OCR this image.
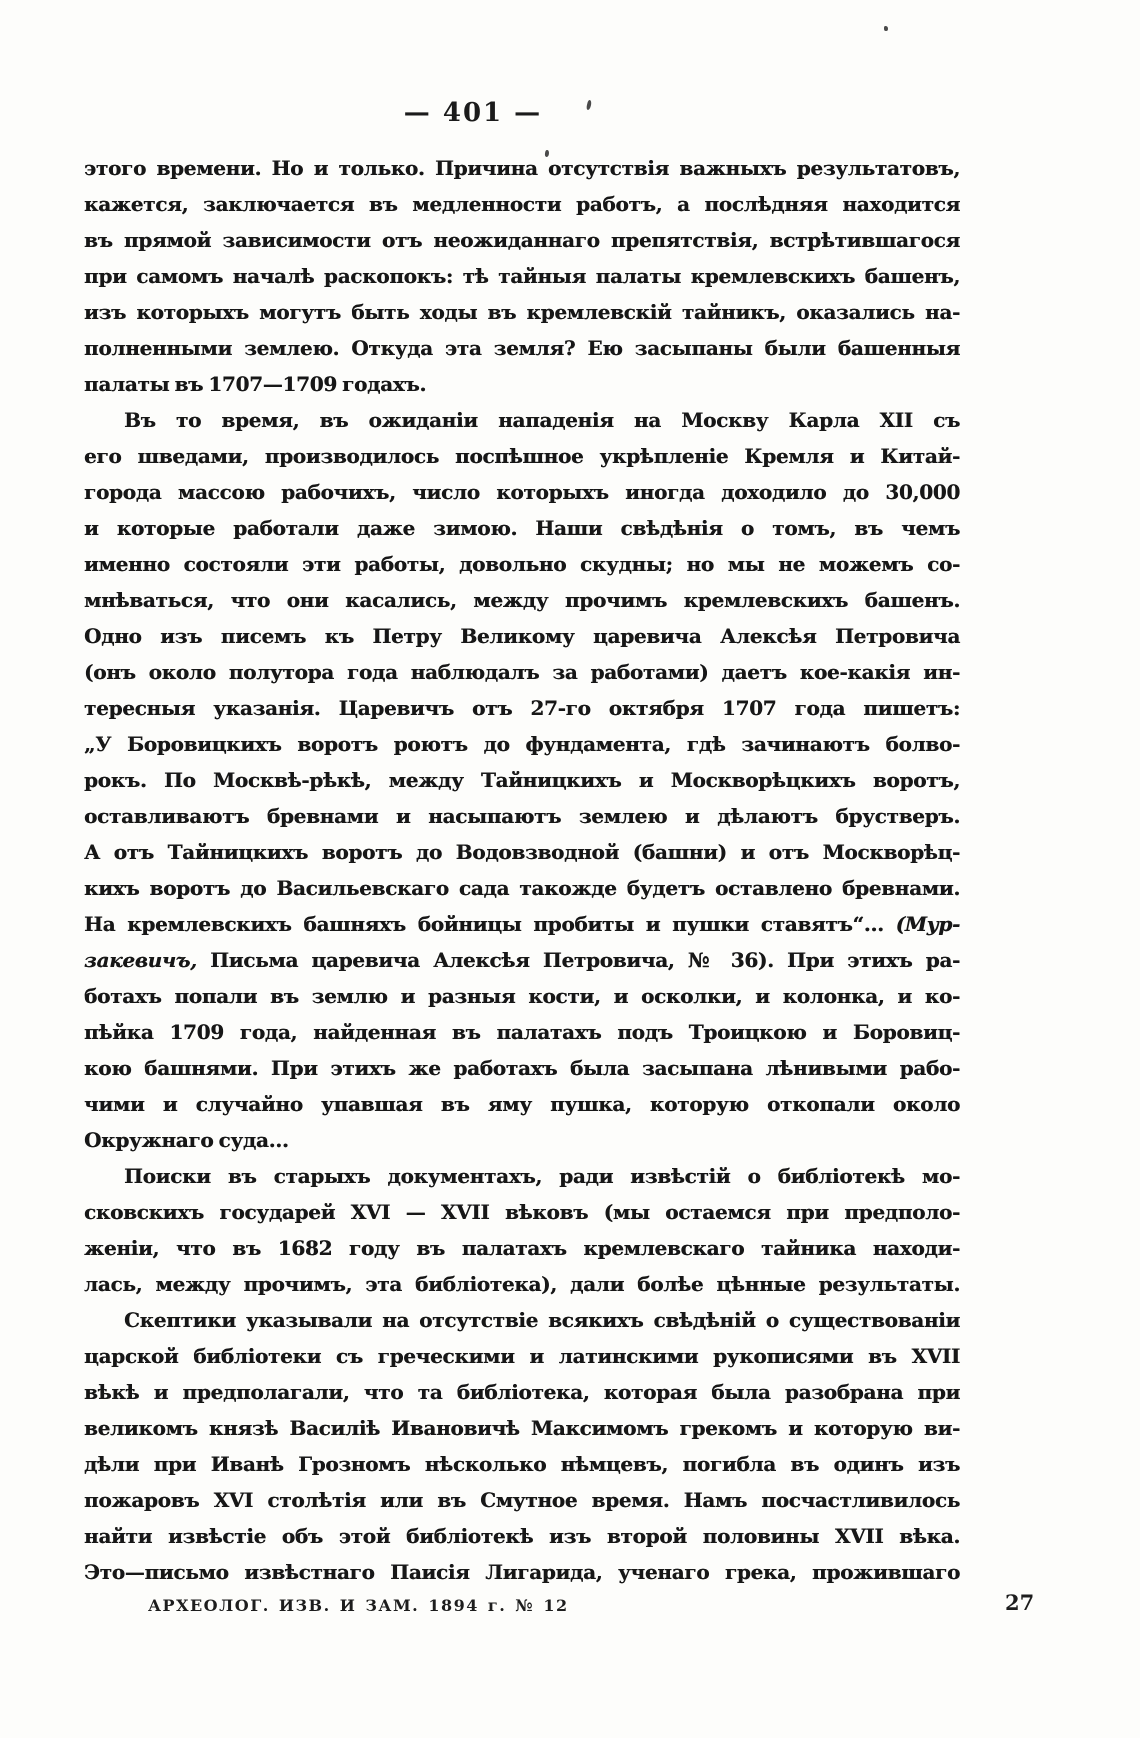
— 401 —
этого времени. Но и только. Причина отсутствія важныхъ результатовъ,
кажется, заключается въ медленности работъ, а послѣдняя находится
въ прямой зависимости отъ неожиданнаго препятствія, встрѣтившагося
при самомъ началѣ раскопокъ: тѣ тайныя палаты кремлевскихъ башенъ,
изъ которыхъ могутъ быть ходы въ кремлевскій тайникъ, оказались на-
полненными землею. Откуда эта земля? Ею засыпаны были башенныя
палаты въ 1707—1709 годахъ.
Въ то время, въ ожиданіи нападенія на Москву Карла XII съ
его шведами, производилось поспѣшное укрѣпленіе Кремля и Китай-
города массою рабочихъ, число которыхъ иногда доходило до 30,000
и которые работали даже зимою. Наши свѣдѣнія о томъ, въ чемъ
именно состояли эти работы, довольно скудны; но мы не можемъ со-
мнѣваться, что они касались, между прочимъ кремлевскихъ башенъ.
Одно изъ писемъ къ Петру Великому царевича Алексѣя Петровича
(онъ около полутора года наблюдалъ за работами) даетъ кое-какія ин-
тересныя указанія. Царевичъ отъ 27-го октября 1707 года пишетъ:
„У Боровицкихъ воротъ роютъ до фундамента, гдѣ зачинаютъ болво-
рокъ. По Москвѣ-рѣкѣ, между Тайницкихъ и Москворѣцкихъ воротъ,
оставливаютъ бревнами и насыпаютъ землею и дѣлаютъ брустверъ.
А отъ Тайницкихъ воротъ до Водовзводной (башни) и отъ Москворѣц-
кихъ воротъ до Васильевскаго сада такожде будетъ оставлено бревнами.
На кремлевскихъ башняхъ бойницы пробиты и пушки ставятъ“... (Мур-
закевичъ, Письма царевича Алексѣя Петровича, № 36). При этихъ ра-
ботахъ попали въ землю и разныя кости, и осколки, и колонка, и ко-
пѣйка 1709 года, найденная въ палатахъ подъ Троицкою и Боровиц-
кою башнями. При этихъ же работахъ была засыпана лѣнивыми рабо-
чими и случайно упавшая въ яму пушка, которую откопали около
Окружнаго суда...
Поиски въ старыхъ документахъ, ради извѣстій о библіотекѣ мо-
сковскихъ государей XVI — XVII вѣковъ (мы остаемся при предполо-
женіи, что въ 1682 году въ палатахъ кремлевскаго тайника находи-
лась, между прочимъ, эта библіотека), дали болѣе цѣнные результаты.
Скептики указывали на отсутствіе всякихъ свѣдѣній о существованіи
царской библіотеки съ греческими и латинскими рукописями въ XVII
вѣкѣ и предполагали, что та библіотека, которая была разобрана при
великомъ князѣ Василіѣ Ивановичѣ Максимомъ грекомъ и которую ви-
дѣли при Иванѣ Грозномъ нѣсколько нѣмцевъ, погибла въ одинъ изъ
пожаровъ XVI столѣтія или въ Смутное время. Намъ посчастливилось
найти извѣстіе объ этой библіотекѣ изъ второй половины XVII вѣка.
Это—письмо извѣстнаго Паисія Лигарида, ученаго грека, прожившаго
АРХЕОЛОГ. ИЗВ. И ЗАМ. 1894 г. № 12	27
